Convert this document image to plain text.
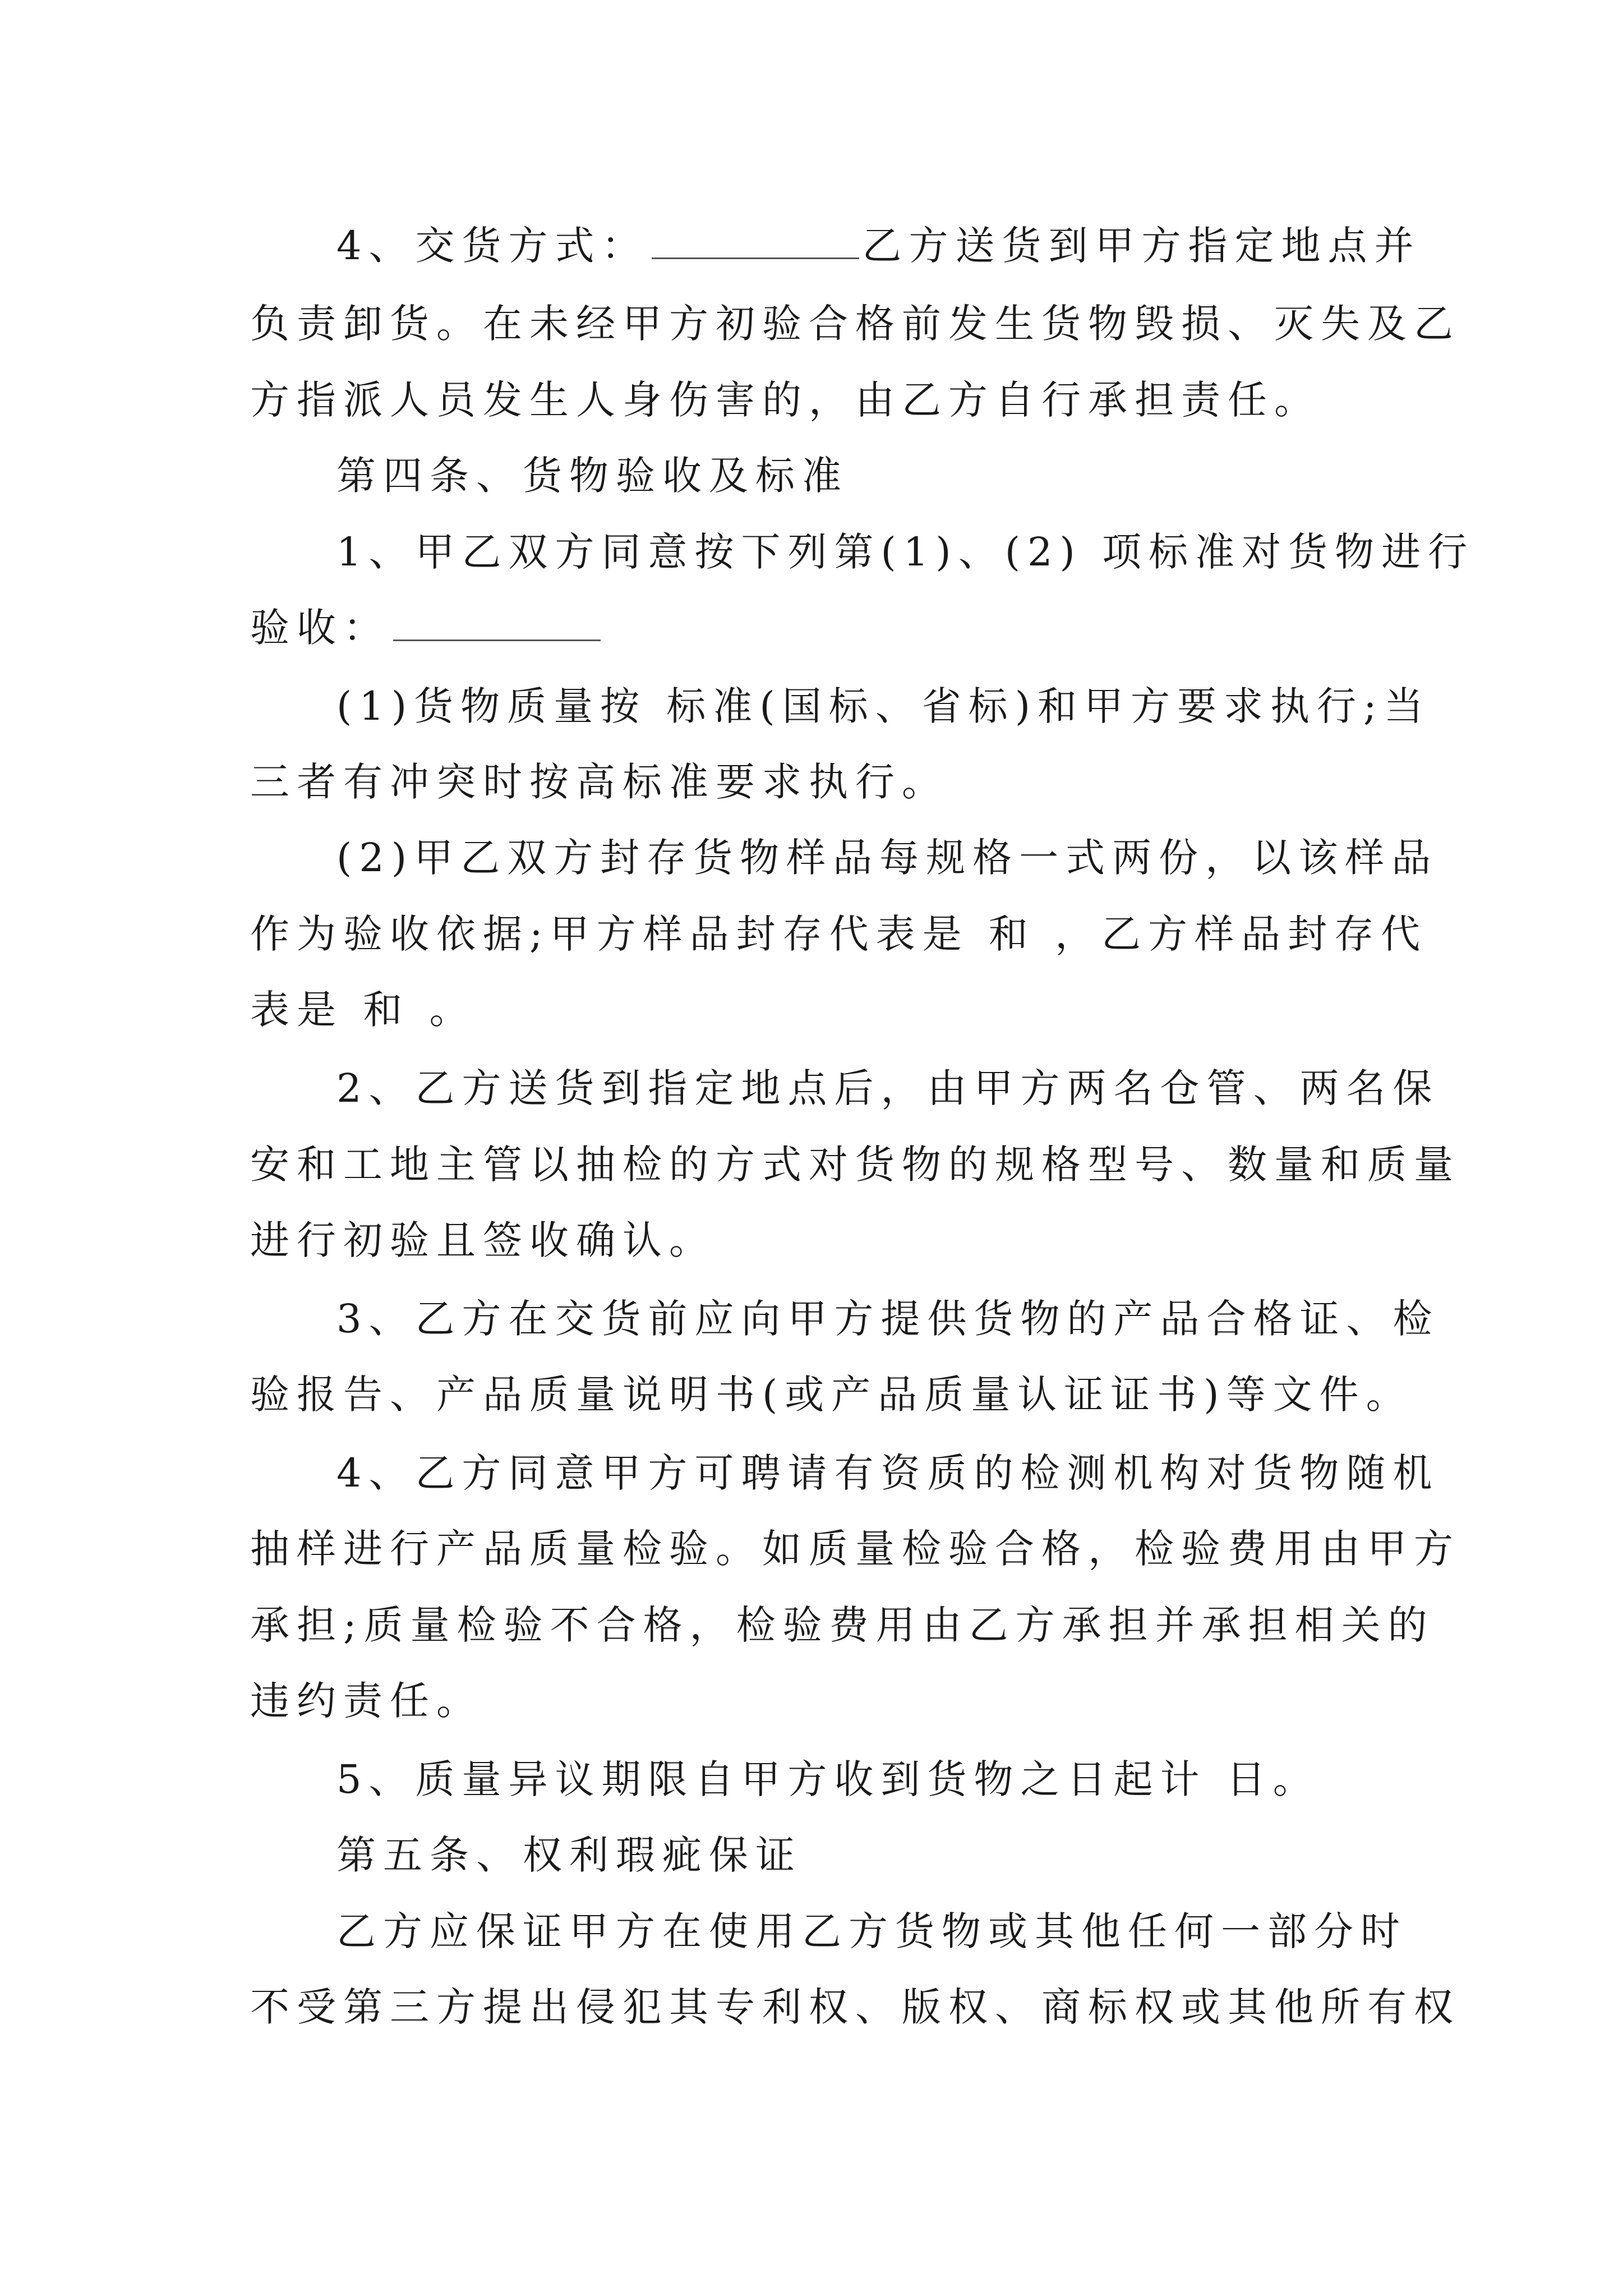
4、交货方式：	乙方送货到甲方指定地点并
负责卸货。在未经甲方初验合格前发生货物毁损、灭失及乙
方指派人员发生人身伤害的，由乙方自行承担责任。
第四条、货物验收及标准
1、甲乙双方同意按下列第(1)、(2) 项标准对货物进行
验收：
(1)货物质量按 标准(国标、省标)和甲方要求执行;当
三者有冲突时按高标准要求执行。
(2)甲乙双方封存货物样品每规格一式两份，以该样品
作为验收依据;甲方样品封存代表是 和 ，乙方样品封存代
表是 和 。
2、乙方送货到指定地点后，由甲方两名仓管、两名保
安和工地主管以抽检的方式对货物的规格型号、数量和质量
进行初验且签收确认。
3、乙方在交货前应向甲方提供货物的产品合格证、检
验报告、产品质量说明书(或产品质量认证证书)等文件。
4、乙方同意甲方可聘请有资质的检测机构对货物随机
抽样进行产品质量检验。如质量检验合格，检验费用由甲方
承担;质量检验不合格，检验费用由乙方承担并承担相关的
违约责任。
5、质量异议期限自甲方收到货物之日起计 日。
第五条、权利瑕疵保证
乙方应保证甲方在使用乙方货物或其他任何一部分时
不受第三方提出侵犯其专利权、版权、商标权或其他所有权
